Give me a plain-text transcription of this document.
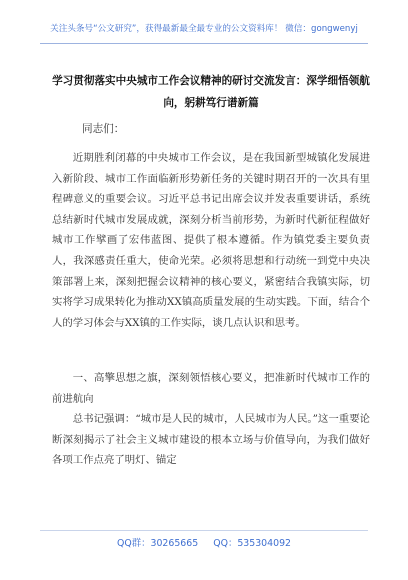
关注头条号“公文研究”，获得最新最全最专业的公文资料库！ 微信：gongwenyj
学习贯彻落实中央城市工作会议精神的研讨交流发言：深学细悟领航向，躬耕笃行谱新篇
同志们：

近期胜利闭幕的中央城市工作会议，是在我国新型城镇化发展进入新阶段、城市工作面临新形势新任务的关键时期召开的一次具有里程碑意义的重要会议。习近平总书记出席会议并发表重要讲话，系统总结新时代城市发展成就，深刻分析当前形势，为新时代新征程做好城市工作擘画了宏伟蓝图、提供了根本遵循。作为镇党委主要负责人，我深感责任重大，使命光荣。必须将思想和行动统一到党中央决策部署上来，深刻把握会议精神的核心要义，紧密结合我镇实际，切实将学习成果转化为推动XX镇高质量发展的生动实践。下面，结合个人的学习体会与XX镇的工作实际，谈几点认识和思考。

一、高擎思想之旗，深刻领悟核心要义，把准新时代城市工作的前进航向

总书记强调：“城市是人民的城市，人民城市为人民。”这一重要论断深刻揭示了社会主义城市建设的根本立场与价值导向，为我们做好各项工作点亮了明灯、锚定

QQ群：30265665 QQ：535304092
